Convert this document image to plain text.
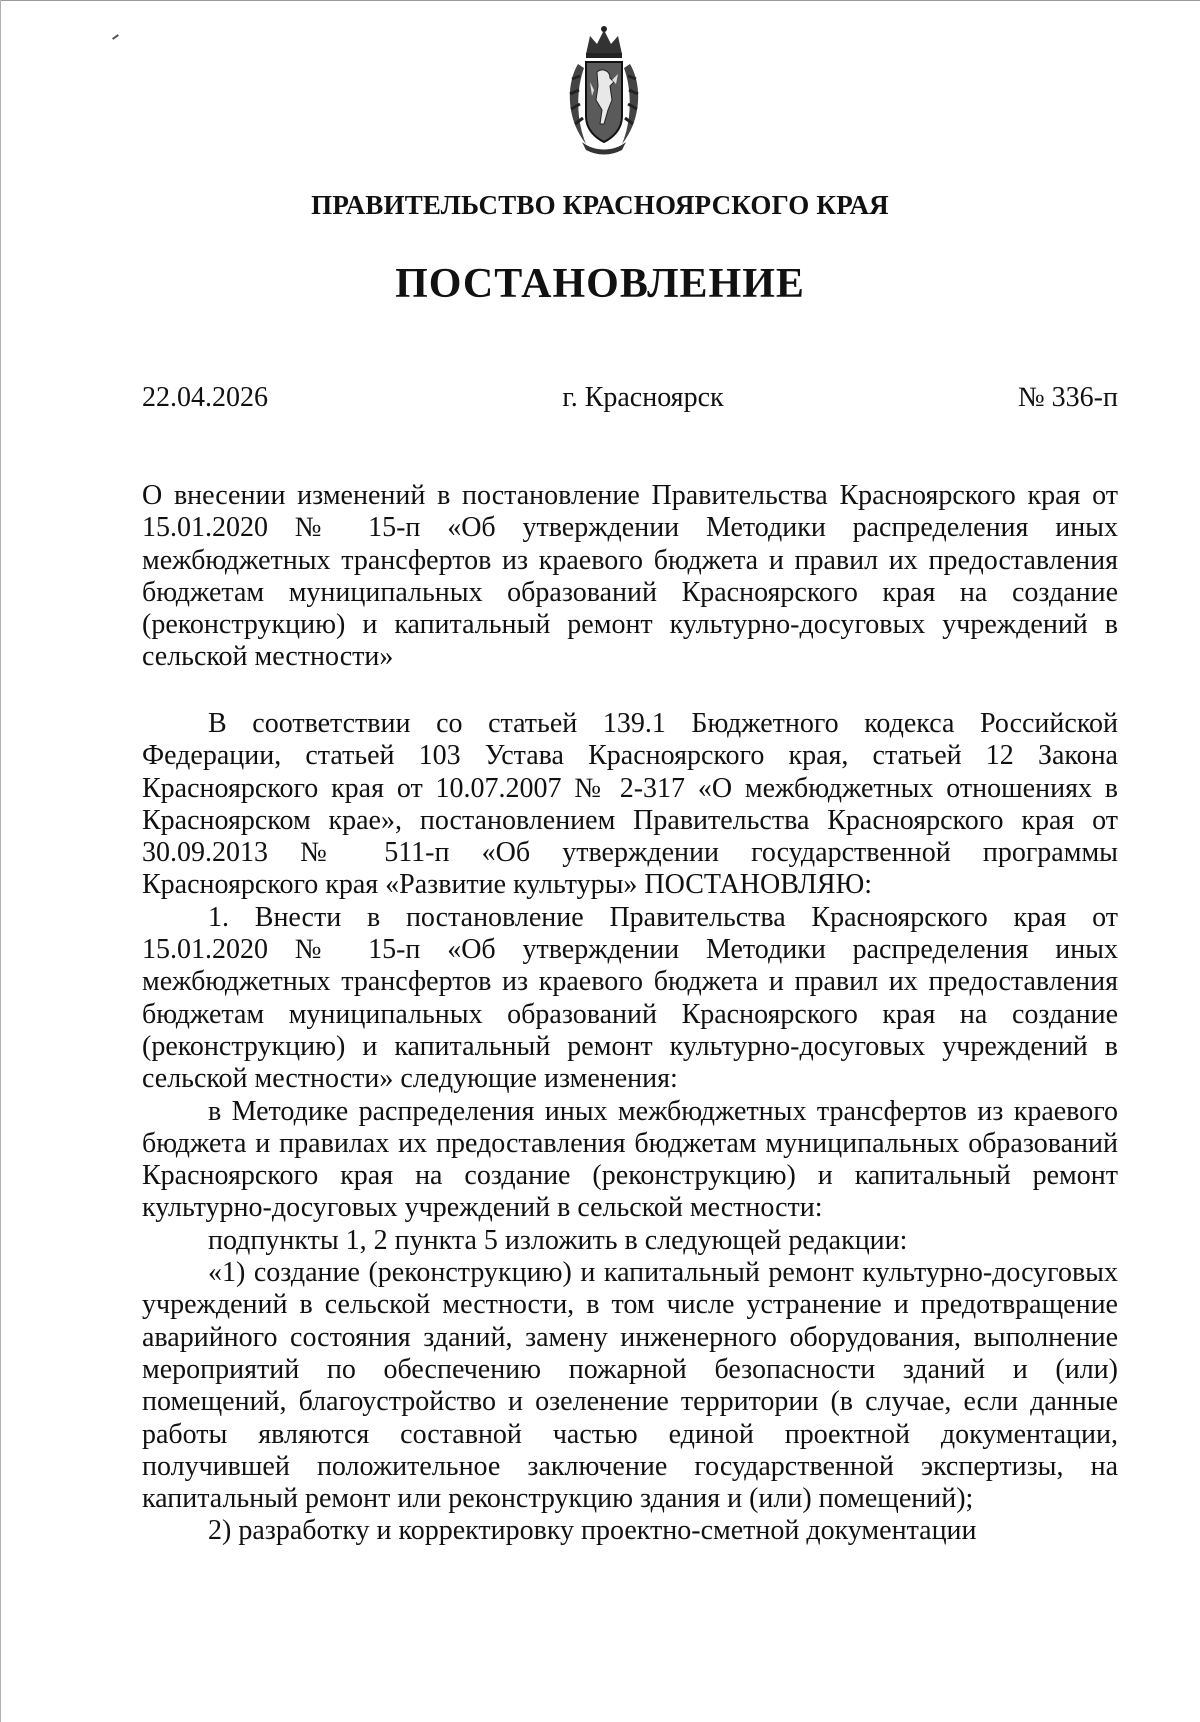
ПРАВИТЕЛЬСТВО КРАСНОЯРСКОГО КРАЯ
ПОСТАНОВЛЕНИЕ
22.04.2026	г. Красноярск	№ 336-п

О внесении изменений в постановление Правительства Красноярского края от 15.01.2020 № 15-п «Об утверждении Методики распределения иных межбюджетных трансфертов из краевого бюджета и правил их предоставления бюджетам муниципальных образований Красноярского края на создание (реконструкцию) и капитальный ремонт культурно-досуговых учреждений в сельской местности»

В соответствии со статьей 139.1 Бюджетного кодекса Российской Федерации, статьей 103 Устава Красноярского края, статьей 12 Закона Красноярского края от 10.07.2007 № 2-317 «О межбюджетных отношениях в Красноярском крае», постановлением Правительства Красноярского края от 30.09.2013 № 511-п «Об утверждении государственной программы Красноярского края «Развитие культуры» ПОСТАНОВЛЯЮ:

1. Внести в постановление Правительства Красноярского края от 15.01.2020 № 15-п «Об утверждении Методики распределения иных межбюджетных трансфертов из краевого бюджета и правил их предоставления бюджетам муниципальных образований Красноярского края на создание (реконструкцию) и капитальный ремонт культурно-досуговых учреждений в сельской местности» следующие изменения:

в Методике распределения иных межбюджетных трансфертов из краевого бюджета и правилах их предоставления бюджетам муниципальных образований Красноярского края на создание (реконструкцию) и капитальный ремонт культурно-досуговых учреждений в сельской местности:

подпункты 1, 2 пункта 5 изложить в следующей редакции:

«1) создание (реконструкцию) и капитальный ремонт культурно-досуговых учреждений в сельской местности, в том числе устранение и предотвращение аварийного состояния зданий, замену инженерного оборудования, выполнение мероприятий по обеспечению пожарной безопасности зданий и (или) помещений, благоустройство и озеленение территории (в случае, если данные работы являются составной частью единой проектной документации, получившей положительное заключение государственной экспертизы, на капитальный ремонт или реконструкцию здания и (или) помещений);

2) разработку и корректировку проектно-сметной документации
